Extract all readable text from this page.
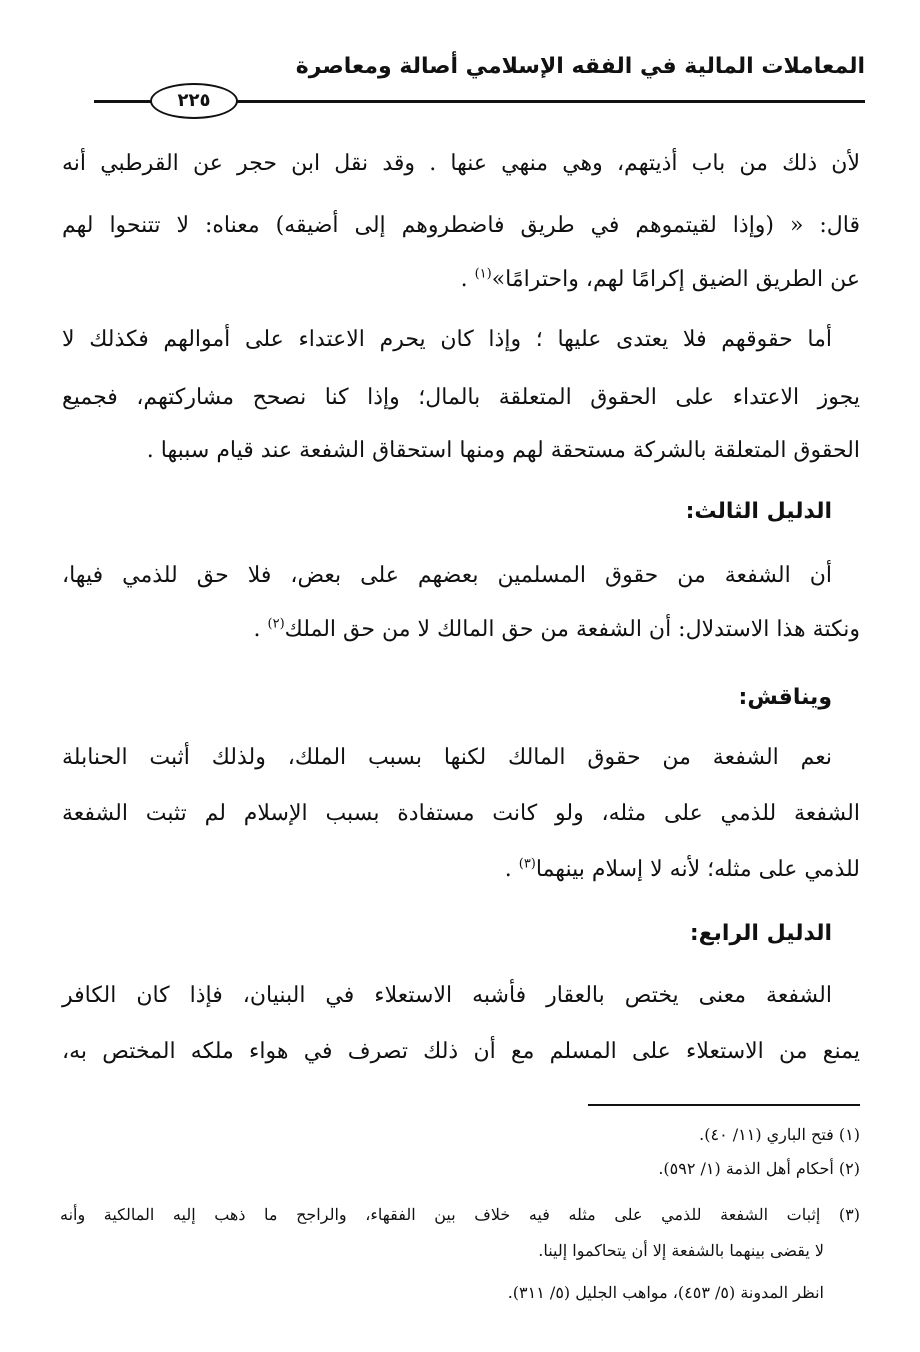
المعاملات المالية في الفقه الإسلامي أصالة ومعاصرة
٢٢٥
لأن ذلك من باب أذيتهم، وهي منهي عنها . وقد نقل ابن حجر عن القرطبي أنه
قال: « (وإذا لقيتموهم في طريق فاضطروهم إلى أضيقه) معناه: لا تتنحوا لهم
عن الطريق الضيق إكرامًا لهم، واحترامًا»$^{(١)}$ .
أما حقوقهم فلا يعتدى عليها ؛ وإذا كان يحرم الاعتداء على أموالهم فكذلك لا
يجوز الاعتداء على الحقوق المتعلقة بالمال؛ وإذا كنا نصحح مشاركتهم، فجميع
الحقوق المتعلقة بالشركة مستحقة لهم ومنها استحقاق الشفعة عند قيام سببها .
الدليل الثالث:
أن الشفعة من حقوق المسلمين بعضهم على بعض، فلا حق للذمي فيها،
ونكتة هذا الاستدلال: أن الشفعة من حق المالك لا من حق الملك$^{(٢)}$ .
ويناقش:
نعم الشفعة من حقوق المالك لكنها بسبب الملك، ولذلك أثبت الحنابلة
الشفعة للذمي على مثله، ولو كانت مستفادة بسبب الإسلام لم تثبت الشفعة
للذمي على مثله؛ لأنه لا إسلام بينهما$^{(٣)}$ .
الدليل الرابع:
الشفعة معنى يختص بالعقار فأشبه الاستعلاء في البنيان، فإذا كان الكافر
يمنع من الاستعلاء على المسلم مع أن ذلك تصرف في هواء ملكه المختص به،
(١) فتح الباري (١١/ ٤٠).
(٢) أحكام أهل الذمة (١/ ٥٩٢).
(٣) إثبات الشفعة للذمي على مثله فيه خلاف بين الفقهاء، والراجح ما ذهب إليه المالكية وأنه
لا يقضى بينهما بالشفعة إلا أن يتحاكموا إلينا.
انظر المدونة (٥/ ٤٥٣)، مواهب الجليل (٥/ ٣١١).
